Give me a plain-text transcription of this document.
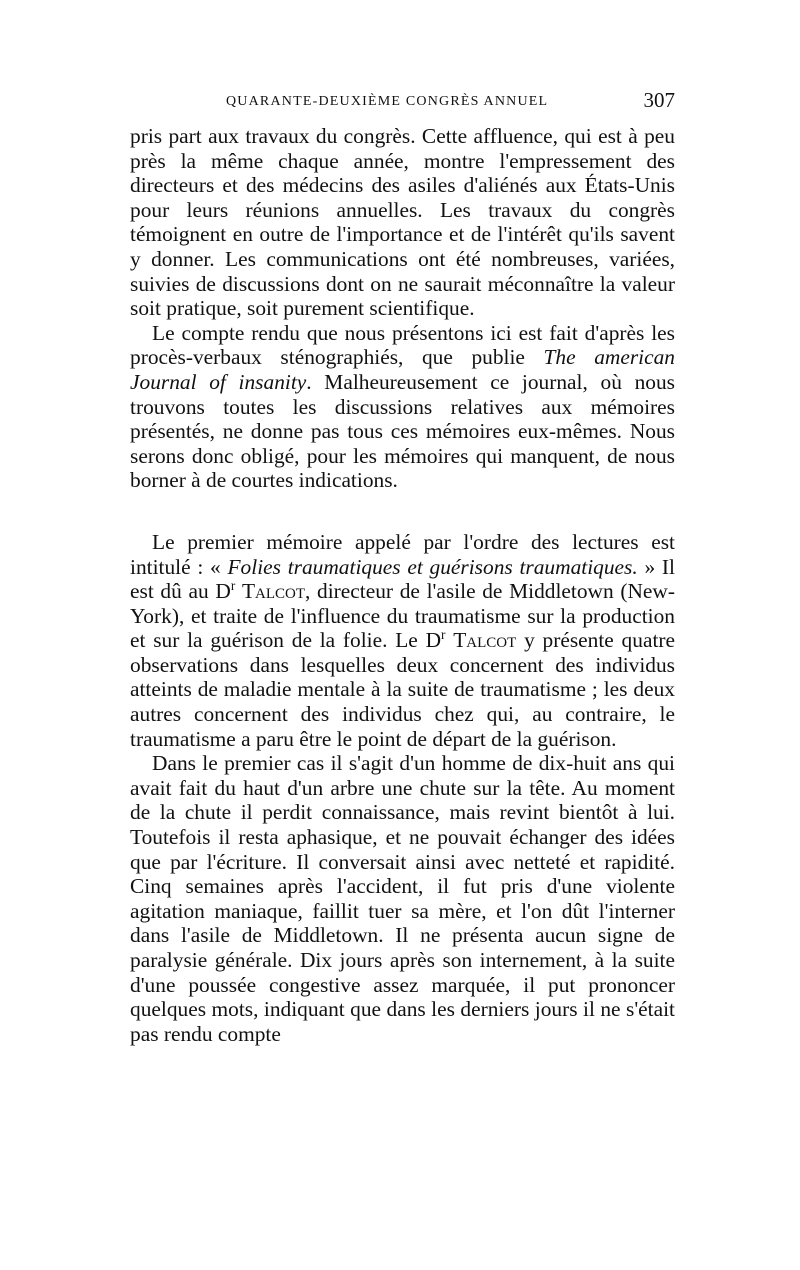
QUARANTE-DEUXIÈME CONGRÈS ANNUEL	307

pris part aux travaux du congrès. Cette affluence, qui est à peu près la même chaque année, montre l'empressement des directeurs et des médecins des asiles d'aliénés aux États-Unis pour leurs réunions annuelles. Les travaux du congrès témoignent en outre de l'importance et de l'intérêt qu'ils savent y donner. Les communications ont été nombreuses, variées, suivies de discussions dont on ne saurait méconnaître la valeur soit pratique, soit purement scientifique.

Le compte rendu que nous présentons ici est fait d'après les procès-verbaux sténographiés, que publie The american Journal of insanity. Malheureusement ce journal, où nous trouvons toutes les discussions relatives aux mémoires présentés, ne donne pas tous ces mémoires eux-mêmes. Nous serons donc obligé, pour les mémoires qui manquent, de nous borner à de courtes indications.

Le premier mémoire appelé par l'ordre des lectures est intitulé : « Folies traumatiques et guérisons traumatiques. » Il est dû au $D^r$ Talcot, directeur de l'asile de Middletown (New-York), et traite de l'influence du traumatisme sur la production et sur la guérison de la folie. Le $D^r$ Talcot y présente quatre observations dans lesquelles deux concernent des individus atteints de maladie mentale à la suite de traumatisme ; les deux autres concernent des individus chez qui, au contraire, le traumatisme a paru être le point de départ de la guérison.

Dans le premier cas il s'agit d'un homme de dix-huit ans qui avait fait du haut d'un arbre une chute sur la tête. Au moment de la chute il perdit connaissance, mais revint bientôt à lui. Toutefois il resta aphasique, et ne pouvait échanger des idées que par l'écriture. Il conversait ainsi avec netteté et rapidité. Cinq semaines après l'accident, il fut pris d'une violente agitation maniaque, faillit tuer sa mère, et l'on dût l'interner dans l'asile de Middletown. Il ne présenta aucun signe de paralysie générale. Dix jours après son internement, à la suite d'une poussée congestive assez marquée, il put prononcer quelques mots, indiquant que dans les derniers jours il ne s'était pas rendu compte
